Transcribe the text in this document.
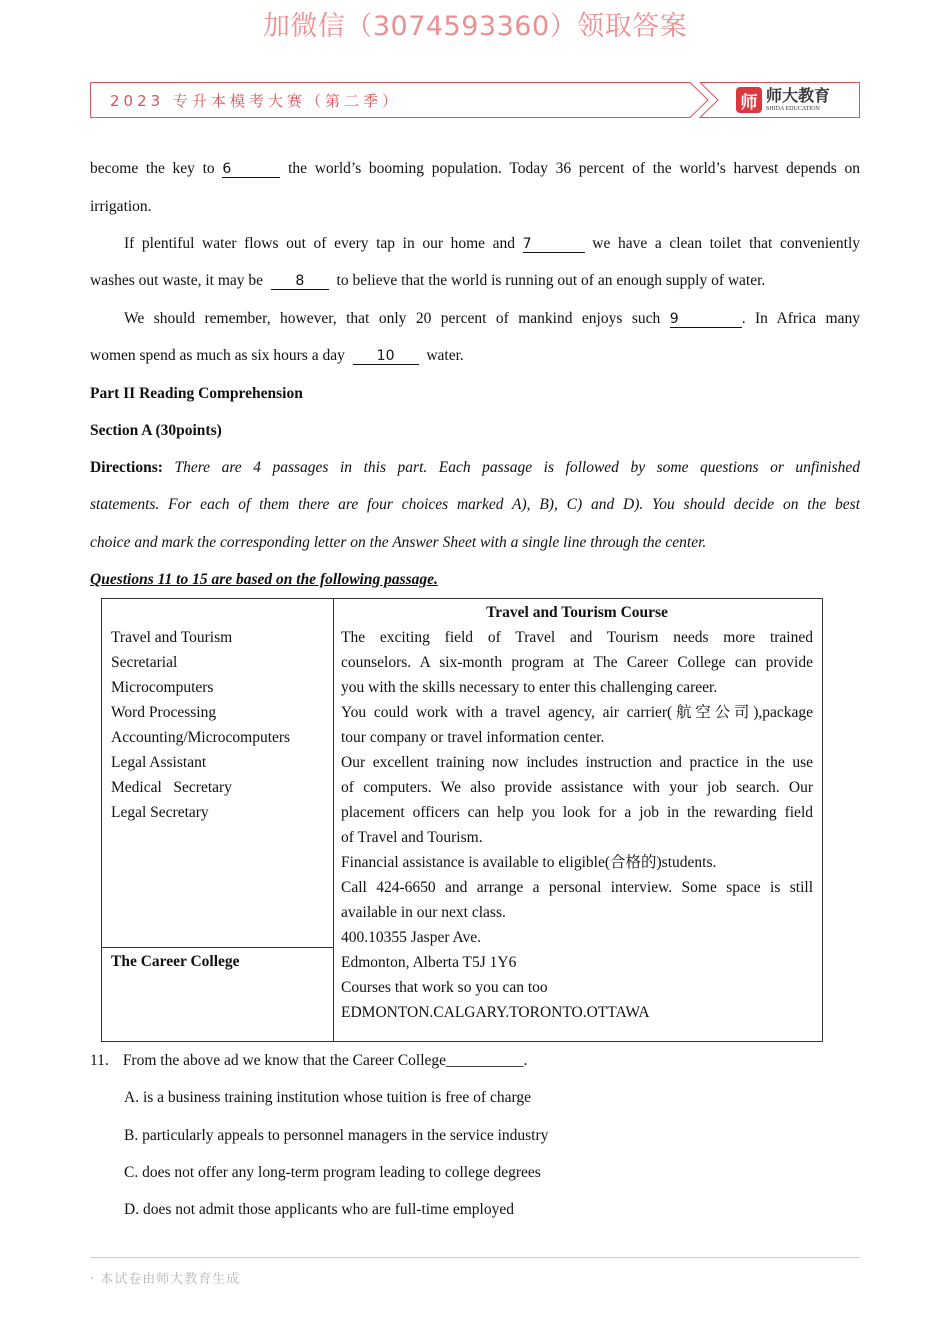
加微信（3074593360）领取答案
2023 专升本模考大赛（第二季）	师 师大教育
SHIDA EDUCATION
become the key to 6	the world’s booming population. Today 36 percent of the world’s harvest depends on
irrigation.
If plentiful water flows out of every tap in our home and 7	we have a clean toilet that conveniently
washes out waste, it may be 8 to believe that the world is running out of an enough supply of water.
We should remember, however, that only 20 percent of mankind enjoys such 9	. In Africa many
women spend as much as six hours a day 10 water.
Part II Reading Comprehension
Section A (30points)
Directions: There are 4 passages in this part. Each passage is followed by some questions or unfinished
statements. For each of them there are four choices marked A), B), C) and D). You should decide on the best
choice and mark the corresponding letter on the Answer Sheet with a single line through the center.
Questions 11 to 15 are based on the following passage.
Travel and Tourism
Secretarial
Microcomputers
Word Processing
Accounting/Microcomputers
Legal Assistant
Medical   Secretary
Legal Secretary
The Career College
Travel and Tourism Course
The exciting field of Travel and Tourism needs more trained
counselors. A six-month program at The Career College can provide
you with the skills necessary to enter this challenging career.
You could work with a travel agency, air carrier(航空公司),package
tour company or travel information center.
Our excellent training now includes instruction and practice in the use
of computers. We also provide assistance with your job search. Our
placement officers can help you look for a job in the rewarding field
of Travel and Tourism.
Financial assistance is available to eligible(合格的)students.
Call 424-6650 and arrange a personal interview. Some space is still
available in our next class.
400.10355 Jasper Ave.
Edmonton, Alberta T5J 1Y6
Courses that work so you can too
EDMONTON.CALGARY.TORONTO.OTTAWA
11. From the above ad we know that the Career College__________.
A. is a business training institution whose tuition is free of charge
B. particularly appeals to personnel managers in the service industry
C. does not offer any long-term program leading to college degrees
D. does not admit those applicants who are full-time employed
· 本试卷由师大教育生成
